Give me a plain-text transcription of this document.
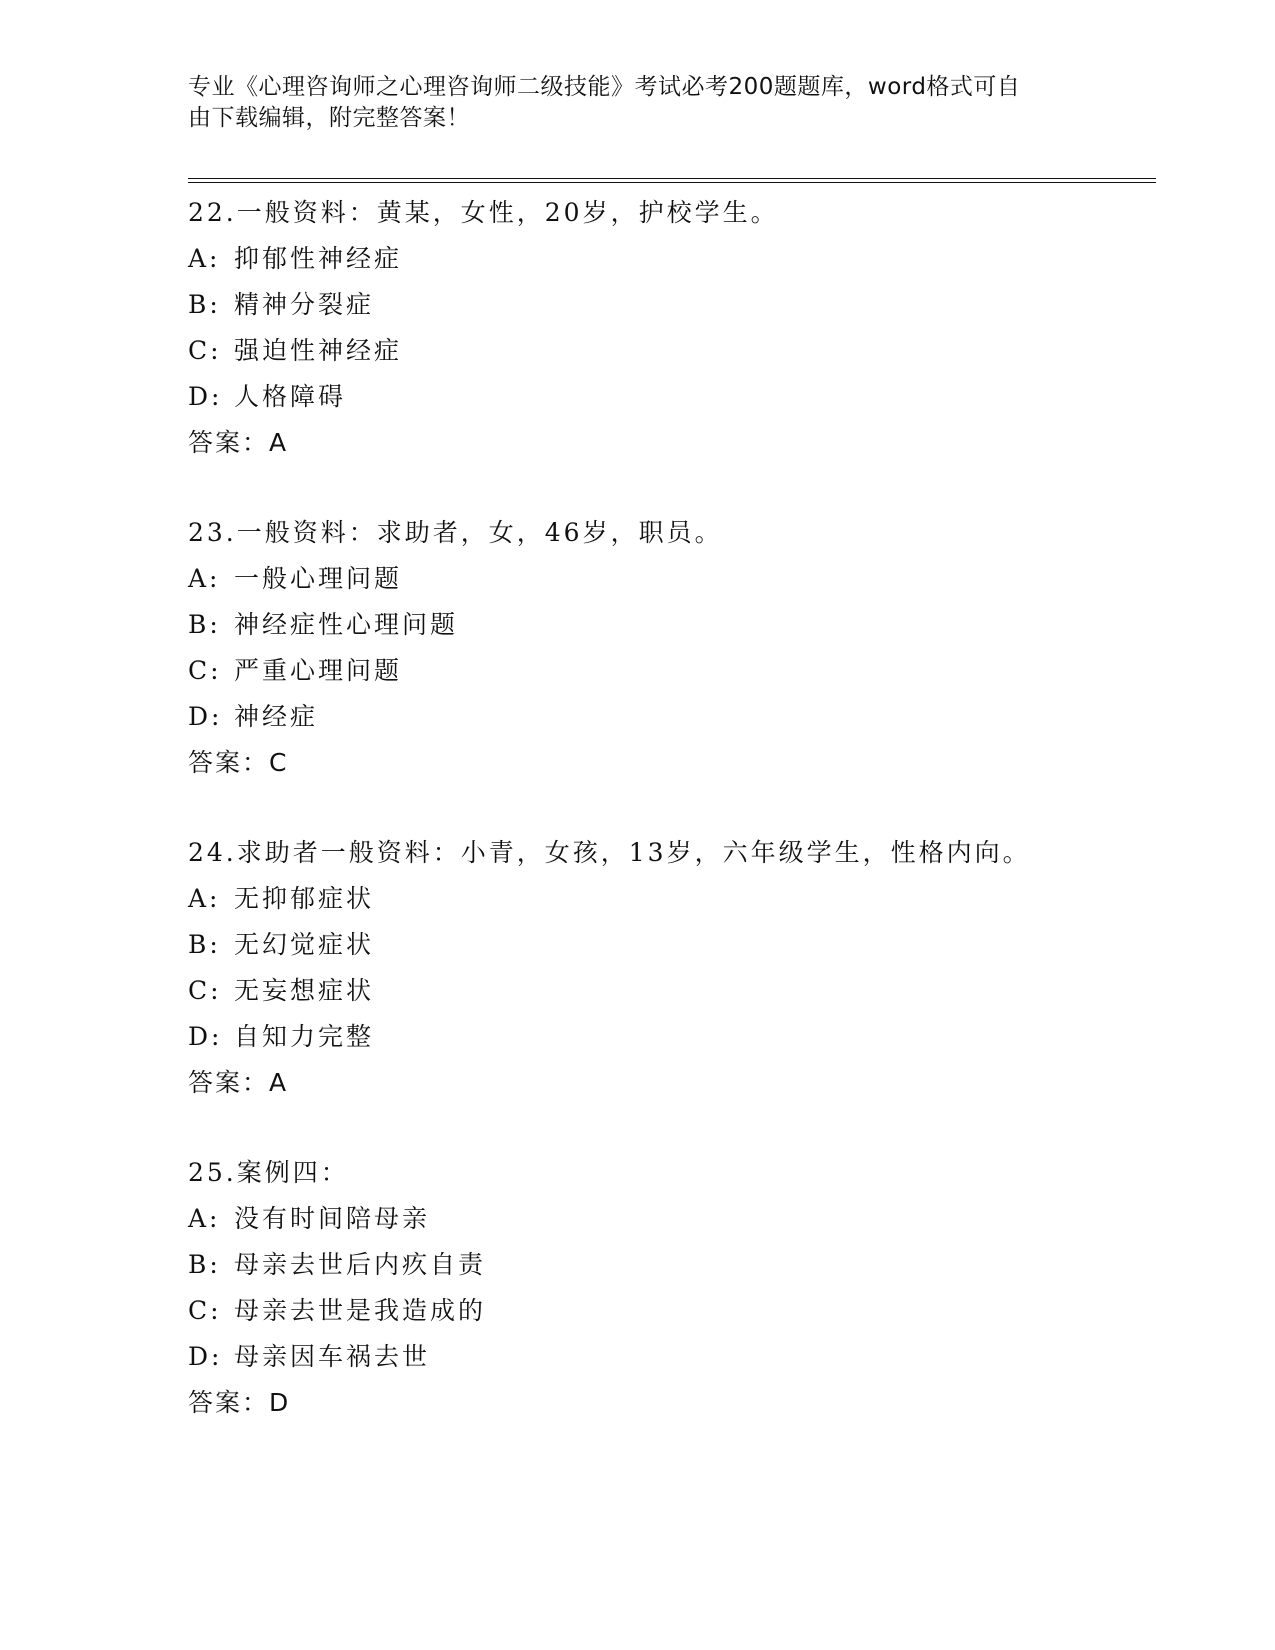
专业《心理咨询师之心理咨询师二级技能》考试必考200题题库，word格式可自
由下载编辑，附完整答案！
22.一般资料：黄某，女性，20岁，护校学生。
A: 抑郁性神经症
B: 精神分裂症
C: 强迫性神经症
D: 人格障碍
答案：A
23.一般资料：求助者，女，46岁，职员。
A: 一般心理问题
B: 神经症性心理问题
C: 严重心理问题
D: 神经症
答案：C
24.求助者一般资料：小青，女孩，13岁，六年级学生，性格内向。
A: 无抑郁症状
B: 无幻觉症状
C: 无妄想症状
D: 自知力完整
答案：A
25.案例四：
A: 没有时间陪母亲
B: 母亲去世后内疚自责
C: 母亲去世是我造成的
D: 母亲因车祸去世
答案：D
